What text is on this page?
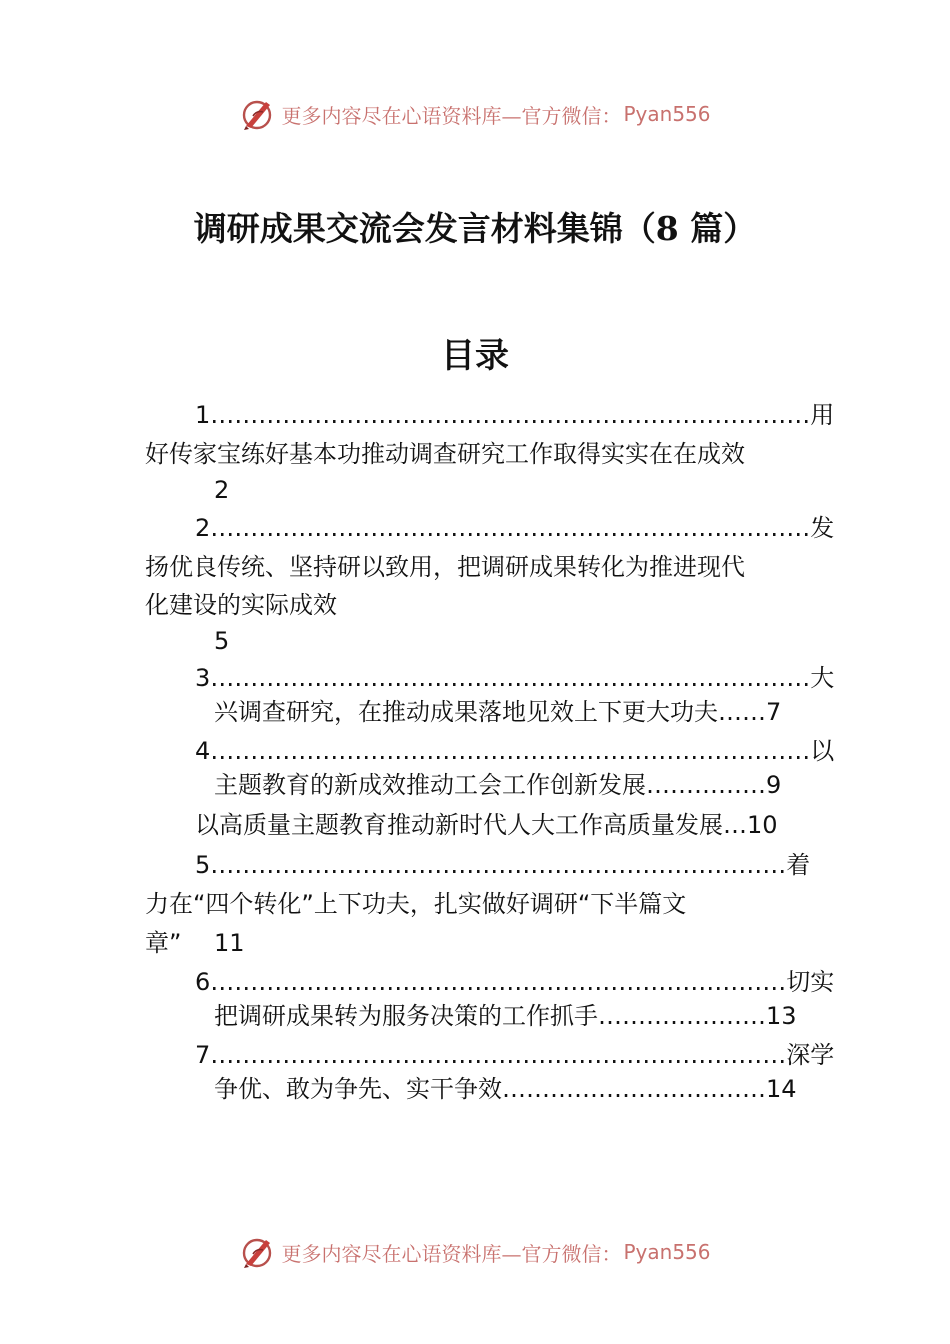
更多内容尽在心语资料库—官方微信： Pyan556
调研成果交流会发言材料集锦（8 篇）
目录
1…………………………………………………………………用
好传家宝练好基本功推动调查研究工作取得实实在在成效
2
2…………………………………………………………………发
扬优良传统、坚持研以致用，把调研成果转化为推进现代
化建设的实际成效
5
3…………………………………………………………………大
兴调查研究，在推动成果落地见效上下更大功夫……7
4…………………………………………………………………以
主题教育的新成效推动工会工作创新发展……………9
以高质量主题教育推动新时代人大工作高质量发展…10
5………………………………………………………………着
力在“四个转化”上下功夫，扎实做好调研“下半篇文
章” 11
6………………………………………………………………切实
把调研成果转为服务决策的工作抓手…………………13
7………………………………………………………………深学
争优、敢为争先、实干争效……………………………14
更多内容尽在心语资料库—官方微信： Pyan556
